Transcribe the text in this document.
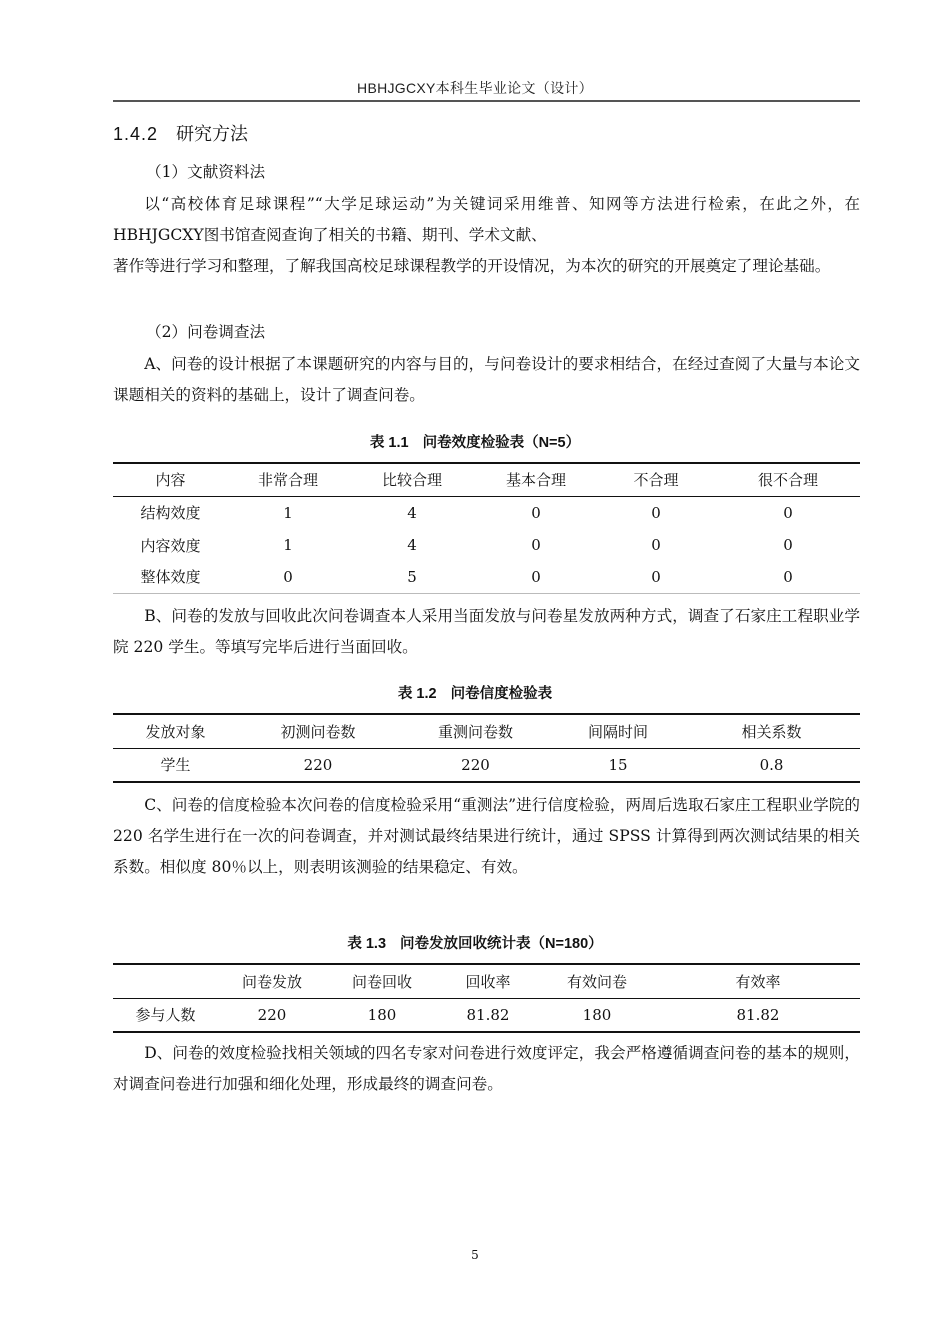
HBHJGCXY本科生毕业论文（设计）
1.4.2 研究方法
（1）文献资料法
以“高校体育足球课程”“大学足球运动”为关键词采用维普、知网等方法进行检索，在此之外，在HBHJGCXY图书馆查阅查询了相关的书籍、期刊、学术文献、
著作等进行学习和整理，了解我国高校足球课程教学的开设情况，为本次的研究的开展奠定了理论基础。
（2）问卷调查法
A、问卷的设计根据了本课题研究的内容与目的，与问卷设计的要求相结合，在经过查阅了大量与本论文课题相关的资料的基础上，设计了调查问卷。
表 1.1 问卷效度检验表（N=5）
内容	非常合理	比较合理	基本合理	不合理	很不合理
结构效度	1	4	0	0	0
内容效度	1	4	0	0	0
整体效度	0	5	0	0	0
B、问卷的发放与回收此次问卷调查本人采用当面发放与问卷星发放两种方式，调查了石家庄工程职业学院 220 学生。等填写完毕后进行当面回收。
表 1.2 问卷信度检验表
发放对象	初测问卷数	重测问卷数	间隔时间	相关系数
学生	220	220	15	0.8
C、问卷的信度检验本次问卷的信度检验采用“重测法”进行信度检验，两周后选取石家庄工程职业学院的 220 名学生进行在一次的问卷调查，并对测试最终结果进行统计，通过 SPSS 计算得到两次测试结果的相关系数。相似度 80％以上，则表明该测验的结果稳定、有效。
表 1.3 问卷发放回收统计表（N=180）
	问卷发放	问卷回收	回收率	有效问卷	有效率
参与人数	220	180	81.82	180	81.82
D、问卷的效度检验找相关领域的四名专家对问卷进行效度评定，我会严格遵循调查问卷的基本的规则，对调查问卷进行加强和细化处理，形成最终的调查问卷。
5
